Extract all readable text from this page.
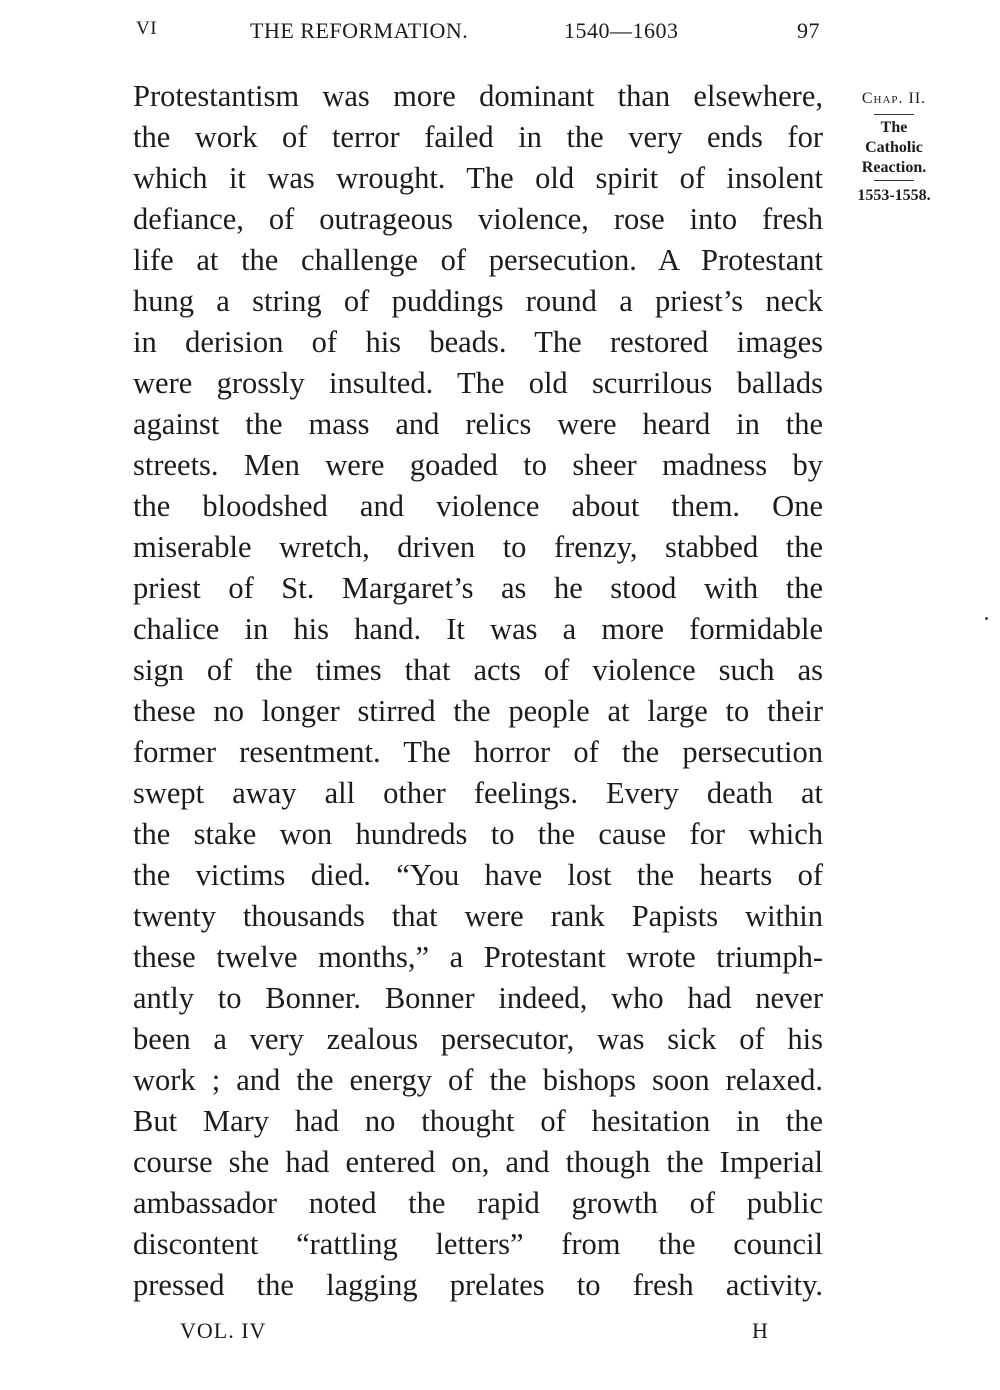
VI	THE REFORMATION.	1540—1603	97
Protestantism was more dominant than elsewhere,
the work of terror failed in the very ends for
which it was wrought. The old spirit of insolent
defiance, of outrageous violence, rose into fresh
life at the challenge of persecution. A Protestant
hung a string of puddings round a priest’s neck
in derision of his beads. The restored images
were grossly insulted. The old scurrilous ballads
against the mass and relics were heard in the
streets. Men were goaded to sheer madness by
the bloodshed and violence about them. One
miserable wretch, driven to frenzy, stabbed the
priest of St. Margaret’s as he stood with the
chalice in his hand. It was a more formidable
sign of the times that acts of violence such as
these no longer stirred the people at large to their
former resentment. The horror of the persecution
swept away all other feelings. Every death at
the stake won hundreds to the cause for which
the victims died. “You have lost the hearts of
twenty thousands that were rank Papists within
these twelve months,” a Protestant wrote triumph-
antly to Bonner. Bonner indeed, who had never
been a very zealous persecutor, was sick of his
work ; and the energy of the bishops soon relaxed.
But Mary had no thought of hesitation in the
course she had entered on, and though the Imperial
ambassador noted the rapid growth of public
discontent “rattling letters” from the council
pressed the lagging prelates to fresh activity.
Chap. II.
The
Catholic
Reaction.
1553-1558.
VOL. IV	H
